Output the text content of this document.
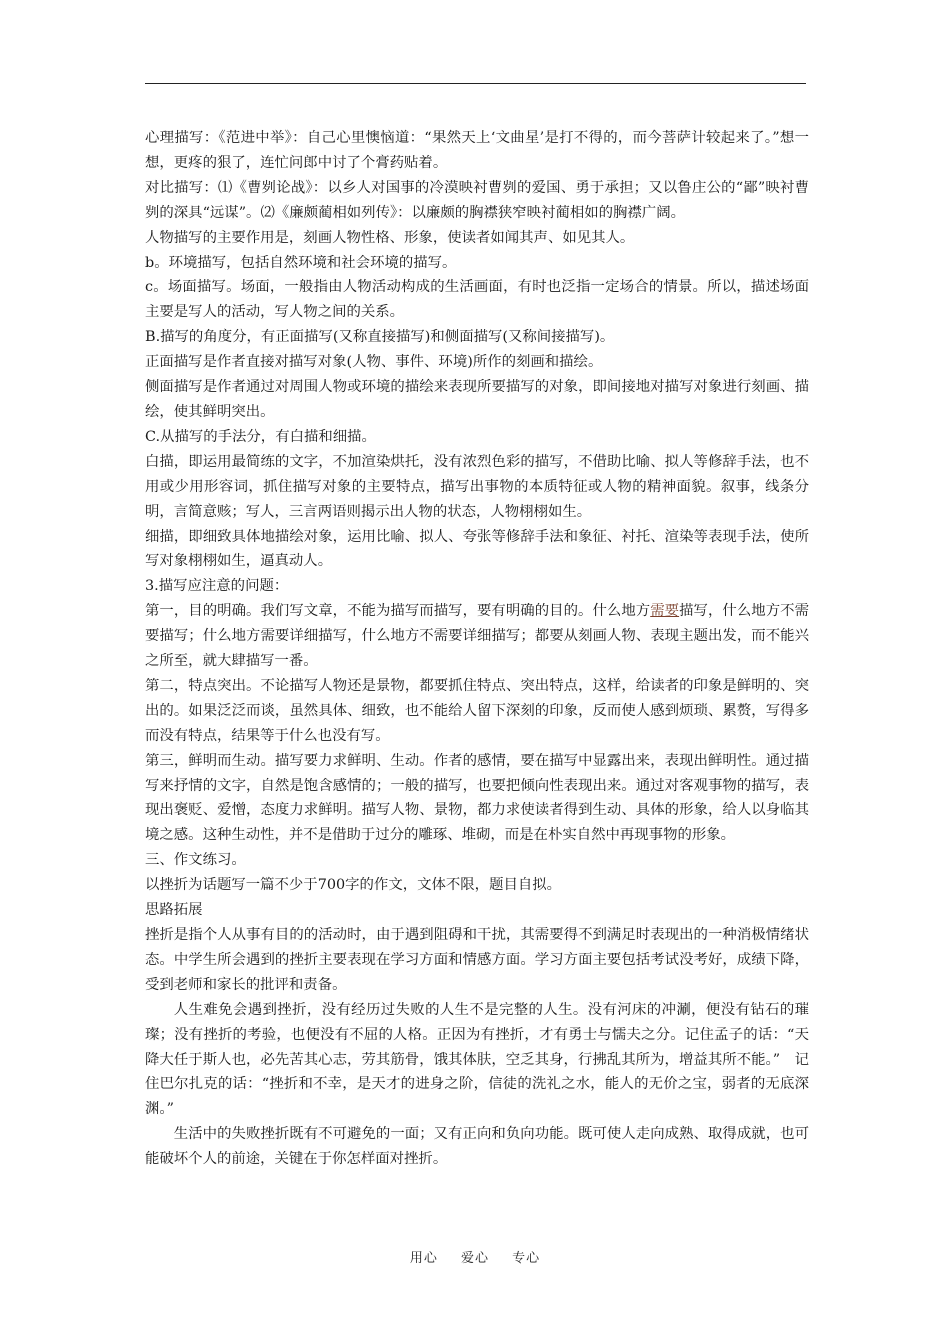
心理描写：《范进中举》：自己心里懊恼道：“果然天上‘文曲星’是打不得的，而今菩萨计较起来了。”想一想，更疼的狠了，连忙问郎中讨了个膏药贴着。

对比描写：⑴《曹刿论战》：以乡人对国事的冷漠映衬曹刿的爱国、勇于承担；又以鲁庄公的“鄙”映衬曹刿的深具“远谋”。⑵《廉颇蔺相如列传》：以廉颇的胸襟狭窄映衬蔺相如的胸襟广阔。

人物描写的主要作用是，刻画人物性格、形象，使读者如闻其声、如见其人。

b。环境描写，包括自然环境和社会环境的描写。

c。场面描写。场面，一般指由人物活动构成的生活画面，有时也泛指一定场合的情景。所以，描述场面主要是写人的活动，写人物之间的关系。

B.描写的角度分，有正面描写(又称直接描写)和侧面描写(又称间接描写)。

正面描写是作者直接对描写对象(人物、事件、环境)所作的刻画和描绘。

侧面描写是作者通过对周围人物或环境的描绘来表现所要描写的对象，即间接地对描写对象进行刻画、描绘，使其鲜明突出。

C.从描写的手法分，有白描和细描。

白描，即运用最简练的文字，不加渲染烘托，没有浓烈色彩的描写，不借助比喻、拟人等修辞手法，也不用或少用形容词，抓住描写对象的主要特点，描写出事物的本质特征或人物的精神面貌。叙事，线条分明，言简意赅；写人，三言两语则揭示出人物的状态，人物栩栩如生。

细描，即细致具体地描绘对象，运用比喻、拟人、夸张等修辞手法和象征、衬托、渲染等表现手法，使所写对象栩栩如生，逼真动人。

3.描写应注意的问题：

第一，目的明确。我们写文章，不能为描写而描写，要有明确的目的。什么地方需要描写，什么地方不需要描写；什么地方需要详细描写，什么地方不需要详细描写；都要从刻画人物、表现主题出发，而不能兴之所至，就大肆描写一番。

第二，特点突出。不论描写人物还是景物，都要抓住特点、突出特点，这样，给读者的印象是鲜明的、突出的。如果泛泛而谈，虽然具体、细致，也不能给人留下深刻的印象，反而使人感到烦琐、累赘，写得多而没有特点，结果等于什么也没有写。

第三，鲜明而生动。描写要力求鲜明、生动。作者的感情，要在描写中显露出来，表现出鲜明性。通过描写来抒情的文字，自然是饱含感情的；一般的描写，也要把倾向性表现出来。通过对客观事物的描写，表现出褒贬、爱憎，态度力求鲜明。描写人物、景物，都力求使读者得到生动、具体的形象，给人以身临其境之感。这种生动性，并不是借助于过分的雕琢、堆砌，而是在朴实自然中再现事物的形象。

三、作文练习。

以挫折为话题写一篇不少于700字的作文，文体不限，题目自拟。

思路拓展

挫折是指个人从事有目的的活动时，由于遇到阻碍和干扰，其需要得不到满足时表现出的一种消极情绪状态。中学生所会遇到的挫折主要表现在学习方面和情感方面。学习方面主要包括考试没考好，成绩下降，受到老师和家长的批评和责备。

人生难免会遇到挫折，没有经历过失败的人生不是完整的人生。没有河床的冲涮，便没有钻石的璀璨；没有挫折的考验，也便没有不屈的人格。正因为有挫折，才有勇士与懦夫之分。记住孟子的话：“天降大任于斯人也，必先苦其心志，劳其筋骨，饿其体肤，空乏其身，行拂乱其所为，增益其所不能。”　记住巴尔扎克的话：“挫折和不幸，是天才的进身之阶，信徒的洗礼之水，能人的无价之宝，弱者的无底深渊。”

生活中的失败挫折既有不可避免的一面；又有正向和负向功能。既可使人走向成熟、取得成就，也可能破坏个人的前途，关键在于你怎样面对挫折。

用心 爱心 专心
